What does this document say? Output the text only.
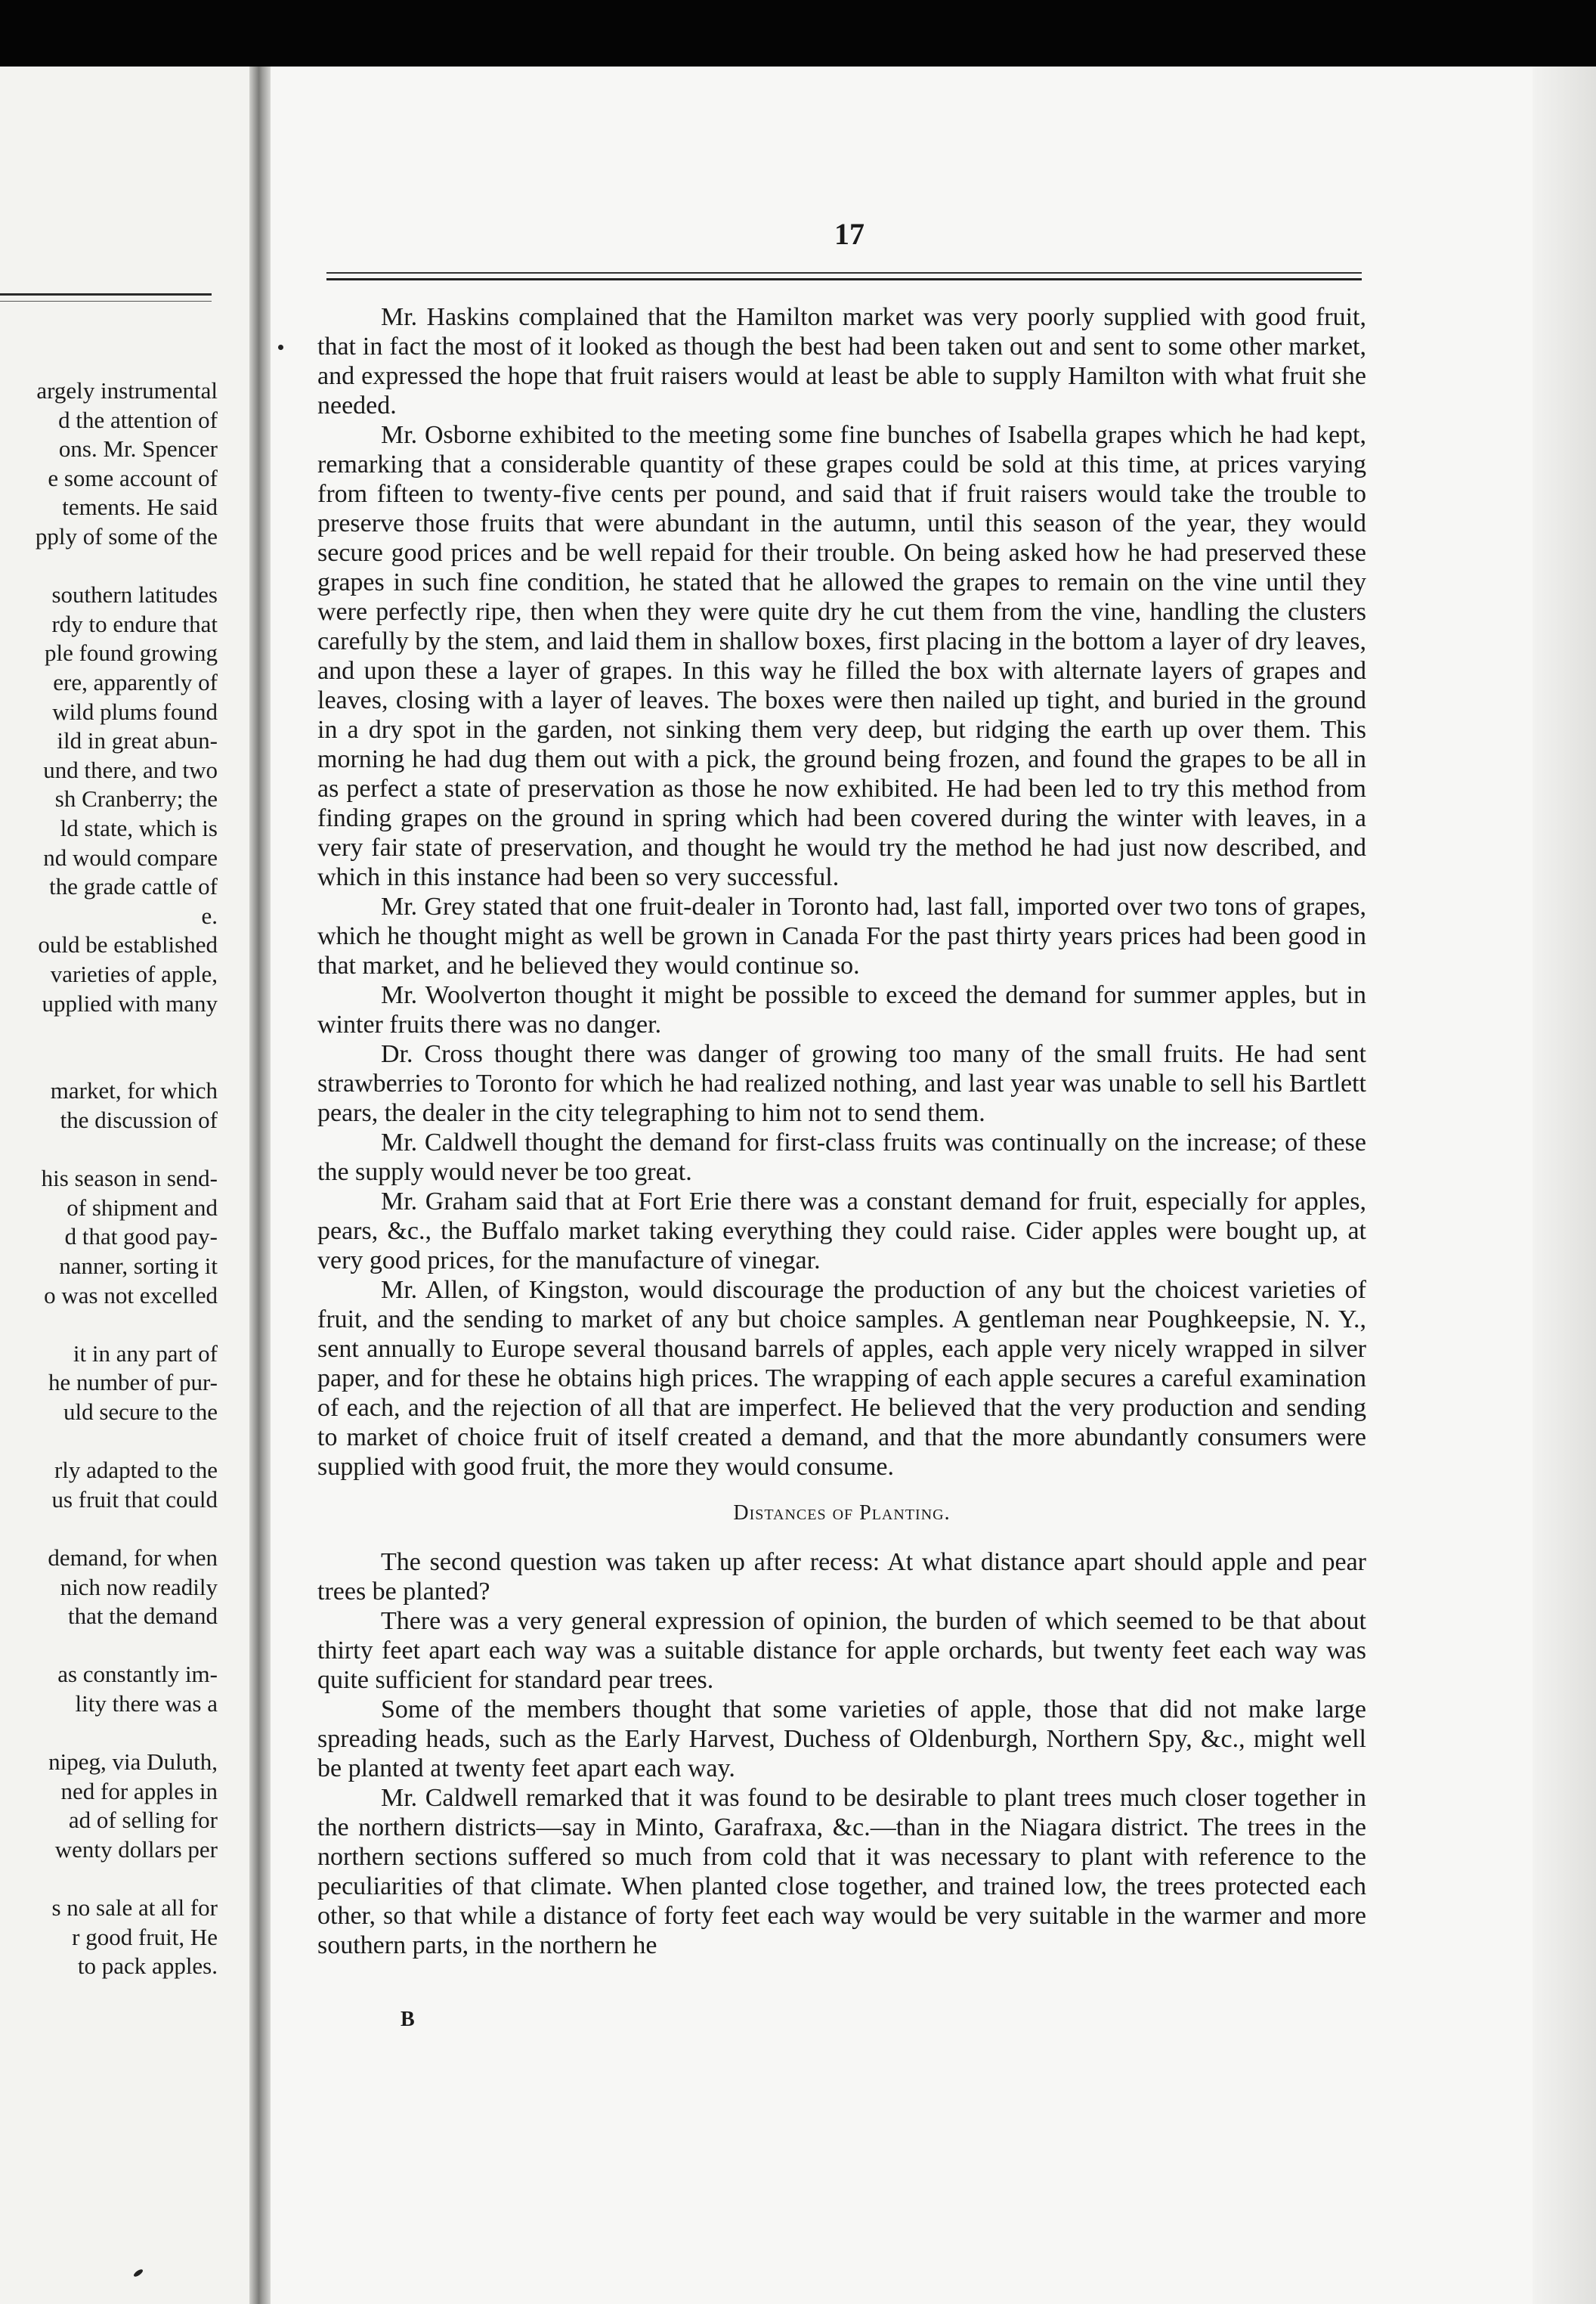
argely instrumental

d the attention of

ons. Mr. Spencer

e some account of

tements. He said

pply of some of the

southern latitudes

rdy to endure that

ple found growing

ere, apparently of

wild plums found

ild in great abun-

und there, and two

sh Cranberry; the

ld state, which is

nd would compare

the grade cattle of

e.

ould be established

varieties of apple,

upplied with many

market, for which

the discussion of

his season in send-

of shipment and

d that good pay-

nanner, sorting it

o was not excelled

it in any part of

he number of pur-

uld secure to the

rly adapted to the

us fruit that could

demand, for when

nich now readily

that the demand

as constantly im-

lity there was a

nipeg, via Duluth,

ned for apples in

ad of selling for

wenty dollars per

s no sale at all for

r good fruit, He

to pack apples.

17

Mr. Haskins complained that the Hamilton market was very poorly supplied with good fruit, that in fact the most of it looked as though the best had been taken out and sent to some other market, and expressed the hope that fruit raisers would at least be able to supply Hamilton with what fruit she needed.

Mr. Osborne exhibited to the meeting some fine bunches of Isabella grapes which he had kept, remarking that a considerable quantity of these grapes could be sold at this time, at prices varying from fifteen to twenty-five cents per pound, and said that if fruit raisers would take the trouble to preserve those fruits that were abundant in the autumn, until this season of the year, they would secure good prices and be well repaid for their trouble. On being asked how he had preserved these grapes in such fine condition, he stated that he allowed the grapes to remain on the vine until they were perfectly ripe, then when they were quite dry he cut them from the vine, handling the clusters carefully by the stem, and laid them in shallow boxes, first placing in the bottom a layer of dry leaves, and upon these a layer of grapes. In this way he filled the box with alternate layers of grapes and leaves, closing with a layer of leaves. The boxes were then nailed up tight, and buried in the ground in a dry spot in the garden, not sinking them very deep, but ridging the earth up over them. This morning he had dug them out with a pick, the ground being frozen, and found the grapes to be all in as perfect a state of preservation as those he now exhibited. He had been led to try this method from finding grapes on the ground in spring which had been covered during the winter with leaves, in a very fair state of preservation, and thought he would try the method he had just now described, and which in this instance had been so very successful.

Mr. Grey stated that one fruit-dealer in Toronto had, last fall, imported over two tons of grapes, which he thought might as well be grown in Canada For the past thirty years prices had been good in that market, and he believed they would continue so.

Mr. Woolverton thought it might be possible to exceed the demand for summer apples, but in winter fruits there was no danger.

Dr. Cross thought there was danger of growing too many of the small fruits. He had sent strawberries to Toronto for which he had realized nothing, and last year was unable to sell his Bartlett pears, the dealer in the city telegraphing to him not to send them.

Mr. Caldwell thought the demand for first-class fruits was continually on the increase; of these the supply would never be too great.

Mr. Graham said that at Fort Erie there was a constant demand for fruit, especially for apples, pears, &c., the Buffalo market taking everything they could raise. Cider apples were bought up, at very good prices, for the manufacture of vinegar.

Mr. Allen, of Kingston, would discourage the production of any but the choicest varieties of fruit, and the sending to market of any but choice samples. A gentleman near Poughkeepsie, N. Y., sent annually to Europe several thousand barrels of apples, each apple very nicely wrapped in silver paper, and for these he obtains high prices. The wrapping of each apple secures a careful examination of each, and the rejection of all that are imperfect. He believed that the very production and sending to market of choice fruit of itself created a demand, and that the more abundantly consumers were supplied with good fruit, the more they would consume.

Distances of Planting.

The second question was taken up after recess: At what distance apart should apple and pear trees be planted?

There was a very general expression of opinion, the burden of which seemed to be that about thirty feet apart each way was a suitable distance for apple orchards, but twenty feet each way was quite sufficient for standard pear trees.

Some of the members thought that some varieties of apple, those that did not make large spreading heads, such as the Early Harvest, Duchess of Oldenburgh, Northern Spy, &c., might well be planted at twenty feet apart each way.

Mr. Caldwell remarked that it was found to be desirable to plant trees much closer together in the northern districts—say in Minto, Garafraxa, &c.—than in the Niagara district. The trees in the northern sections suffered so much from cold that it was necessary to plant with reference to the peculiarities of that climate. When planted close together, and trained low, the trees protected each other, so that while a distance of forty feet each way would be very suitable in the warmer and more southern parts, in the northern he

B
